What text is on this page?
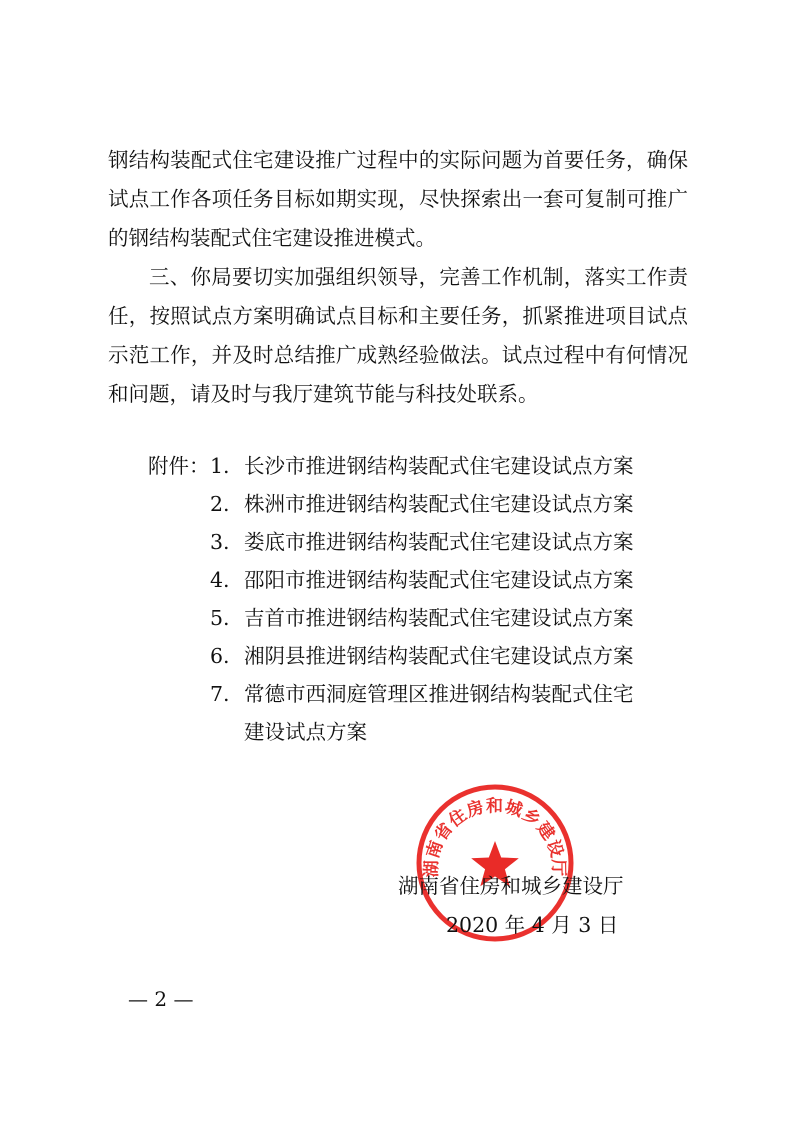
钢结构装配式住宅建设推广过程中的实际问题为首要任务，确保
试点工作各项任务目标如期实现，尽快探索出一套可复制可推广
的钢结构装配式住宅建设推进模式。
三、你局要切实加强组织领导，完善工作机制，落实工作责
任，按照试点方案明确试点目标和主要任务，抓紧推进项目试点
示范工作，并及时总结推广成熟经验做法。试点过程中有何情况
和问题，请及时与我厅建筑节能与科技处联系。
附件： 1. 长沙市推进钢结构装配式住宅建设试点方案
2. 株洲市推进钢结构装配式住宅建设试点方案
3. 娄底市推进钢结构装配式住宅建设试点方案
4. 邵阳市推进钢结构装配式住宅建设试点方案
5. 吉首市推进钢结构装配式住宅建设试点方案
6. 湘阴县推进钢结构装配式住宅建设试点方案
7. 常德市西洞庭管理区推进钢结构装配式住宅
建设试点方案
湖南省住房和城乡建设厅
湖南省住房和城乡建设厅
2020 年 4 月 3 日
— 2 —
